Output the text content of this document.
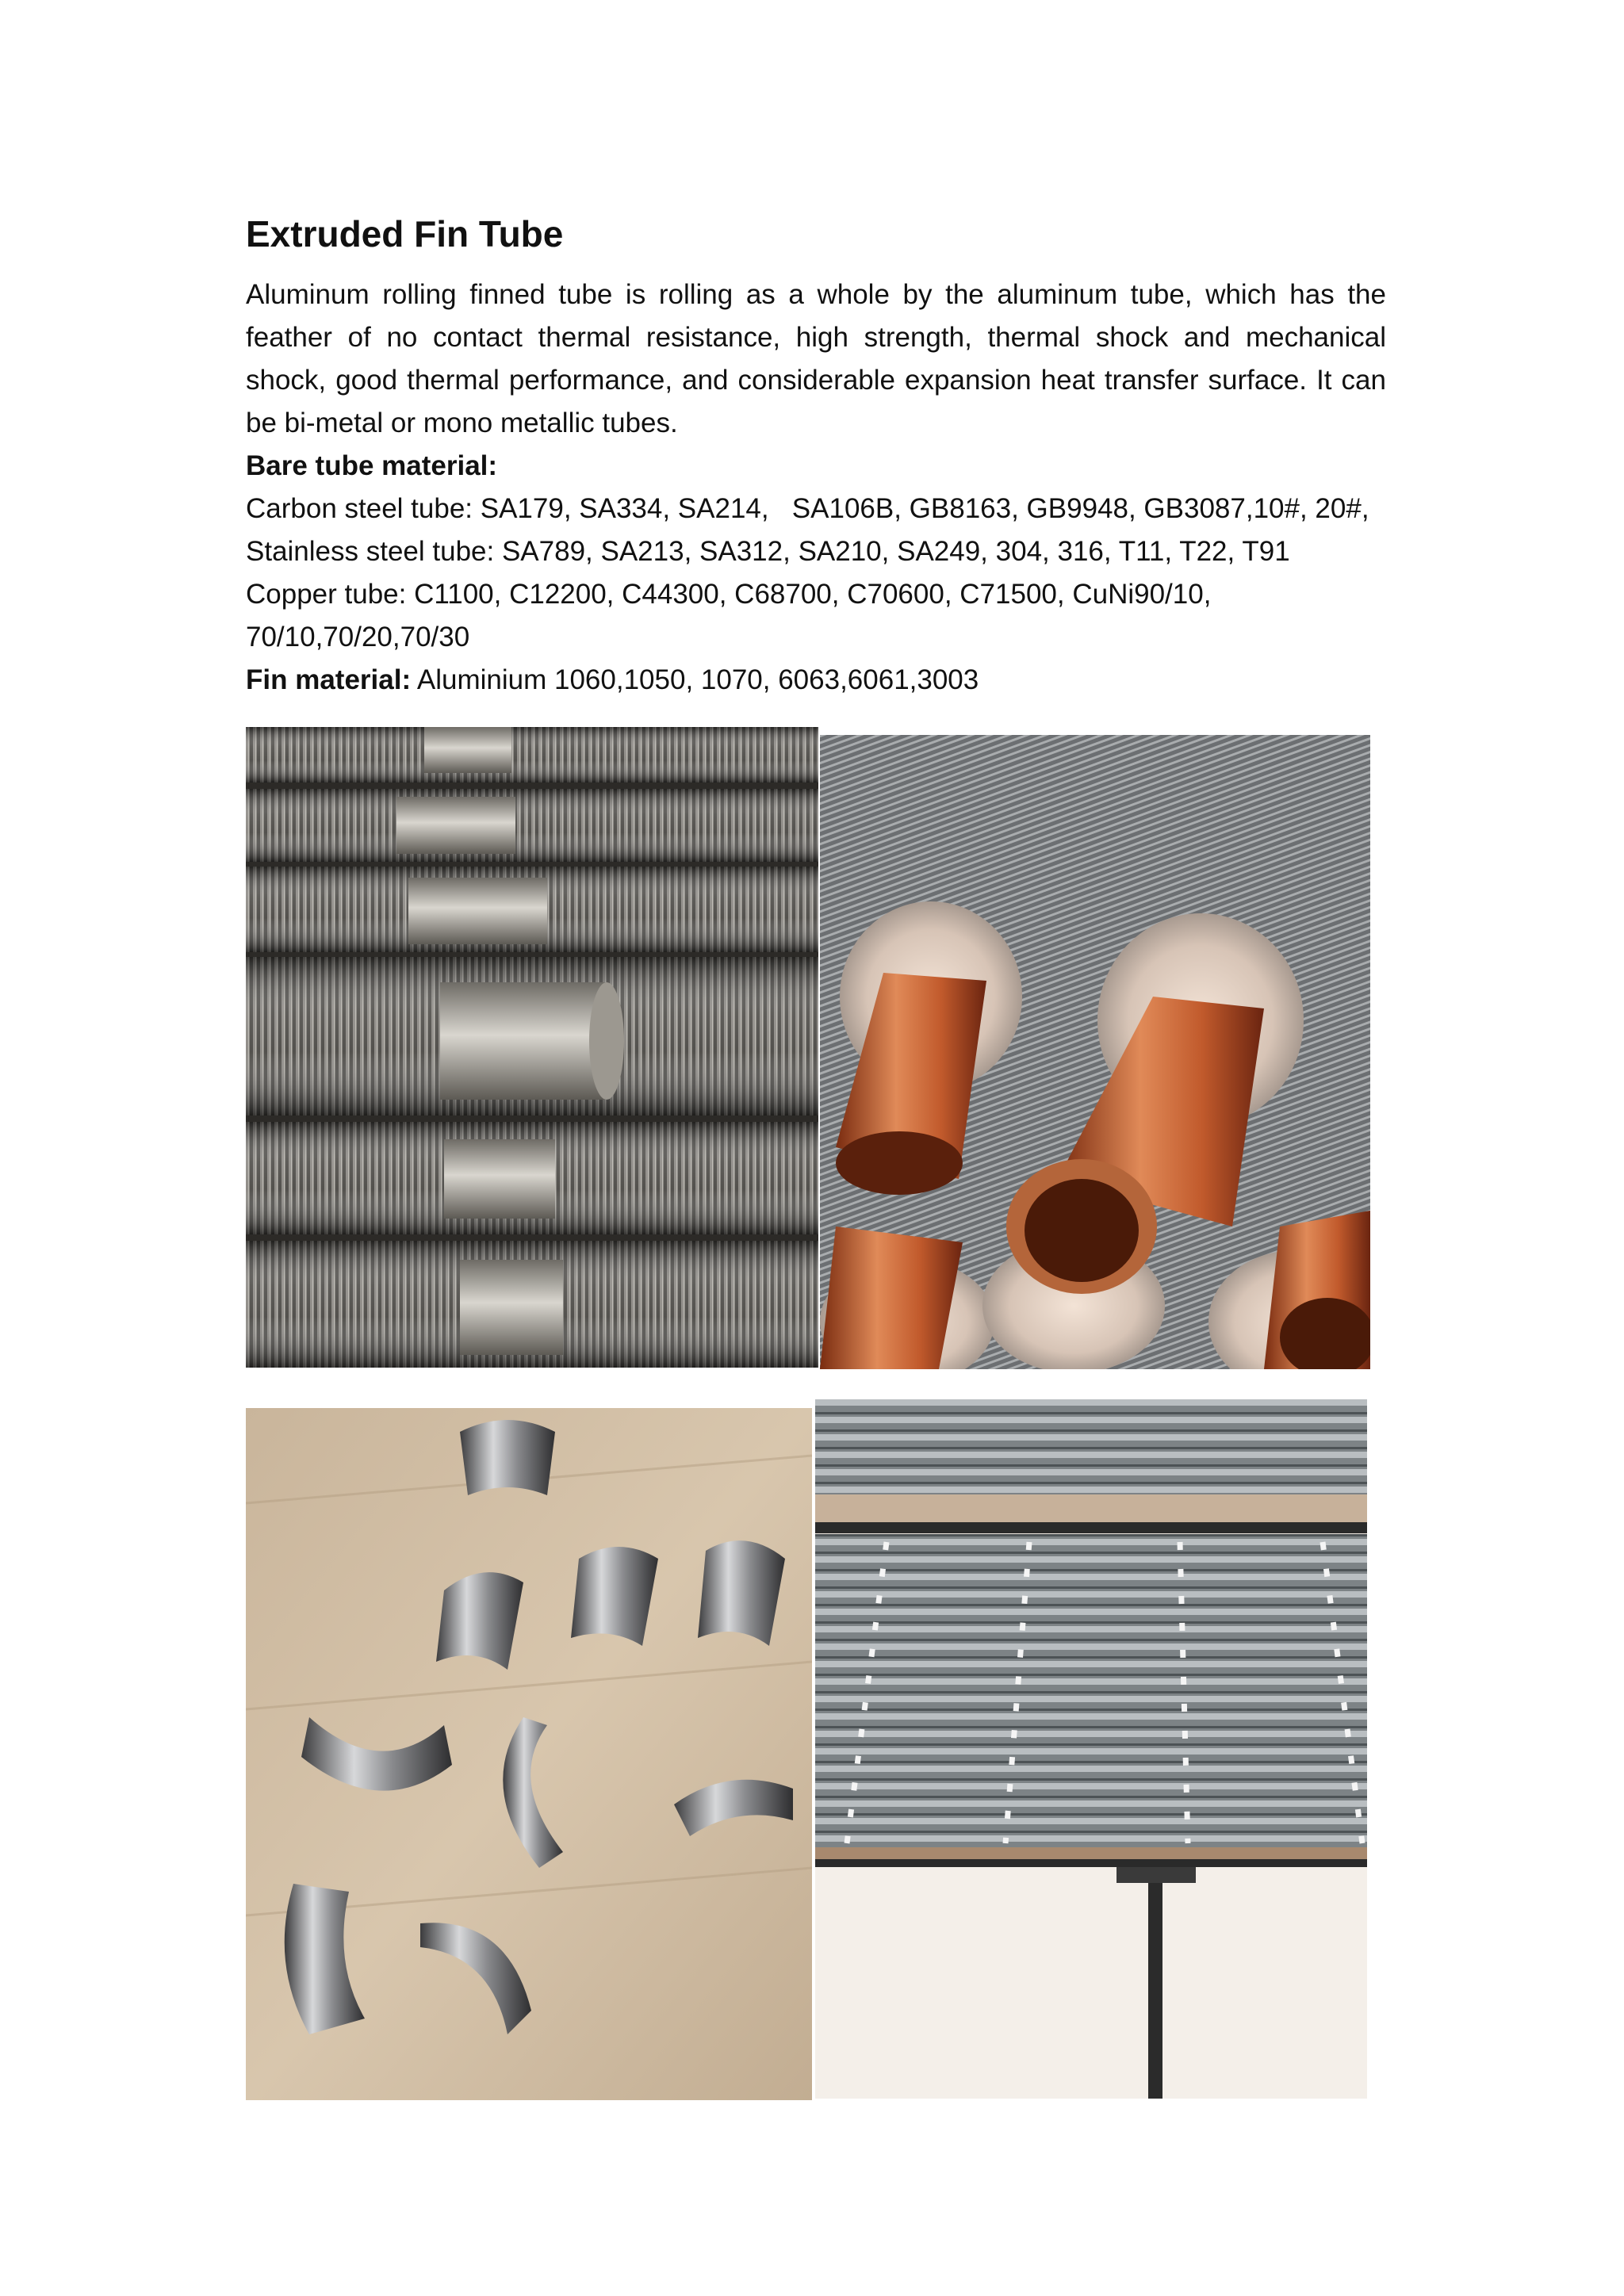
Extruded Fin Tube

Aluminum rolling finned tube is rolling as a whole by the aluminum tube, which has the feather of no contact thermal resistance, high strength, thermal shock and mechanical shock, good thermal performance, and considerable expansion heat transfer surface. It can be bi-metal or mono metallic tubes.

Bare tube material:

Carbon steel tube: SA179, SA334, SA214,   SA106B, GB8163, GB9948, GB3087,10#, 20#,

Stainless steel tube: SA789, SA213, SA312, SA210, SA249, 304, 316, T11, T22, T91

Copper tube: C1100, C12200, C44300, C68700, C70600, C71500, CuNi90/10,

70/10,70/20,70/30

Fin material: Aluminium 1060,1050, 1070, 6063,6061,3003
